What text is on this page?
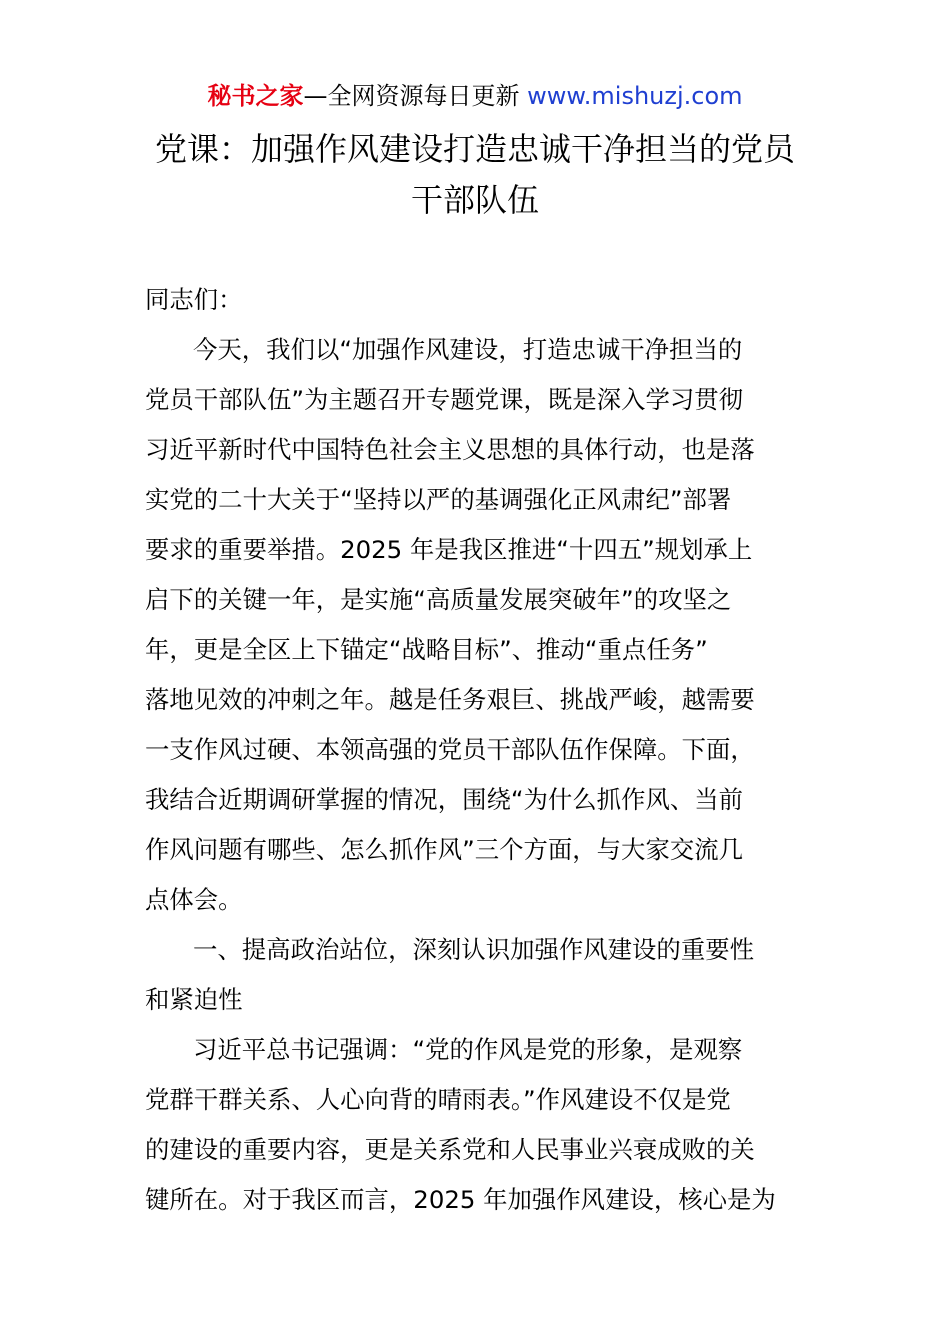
秘书之家—全网资源每日更新 www.mishuzj.com
党课：加强作风建设打造忠诚干净担当的党员
干部队伍
同志们：
今天，我们以“加强作风建设，打造忠诚干净担当的
党员干部队伍”为主题召开专题党课，既是深入学习贯彻
习近平新时代中国特色社会主义思想的具体行动，也是落
实党的二十大关于“坚持以严的基调强化正风肃纪”部署
要求的重要举措。2025 年是我区推进“十四五”规划承上
启下的关键一年，是实施“高质量发展突破年”的攻坚之
年，更是全区上下锚定“战略目标”、推动“重点任务”
落地见效的冲刺之年。越是任务艰巨、挑战严峻，越需要
一支作风过硬、本领高强的党员干部队伍作保障。下面，
我结合近期调研掌握的情况，围绕“为什么抓作风、当前
作风问题有哪些、怎么抓作风”三个方面，与大家交流几
点体会。
一、提高政治站位，深刻认识加强作风建设的重要性
和紧迫性
习近平总书记强调：“党的作风是党的形象，是观察
党群干群关系、人心向背的晴雨表。”作风建设不仅是党
的建设的重要内容，更是关系党和人民事业兴衰成败的关
键所在。对于我区而言，2025 年加强作风建设，核心是为
